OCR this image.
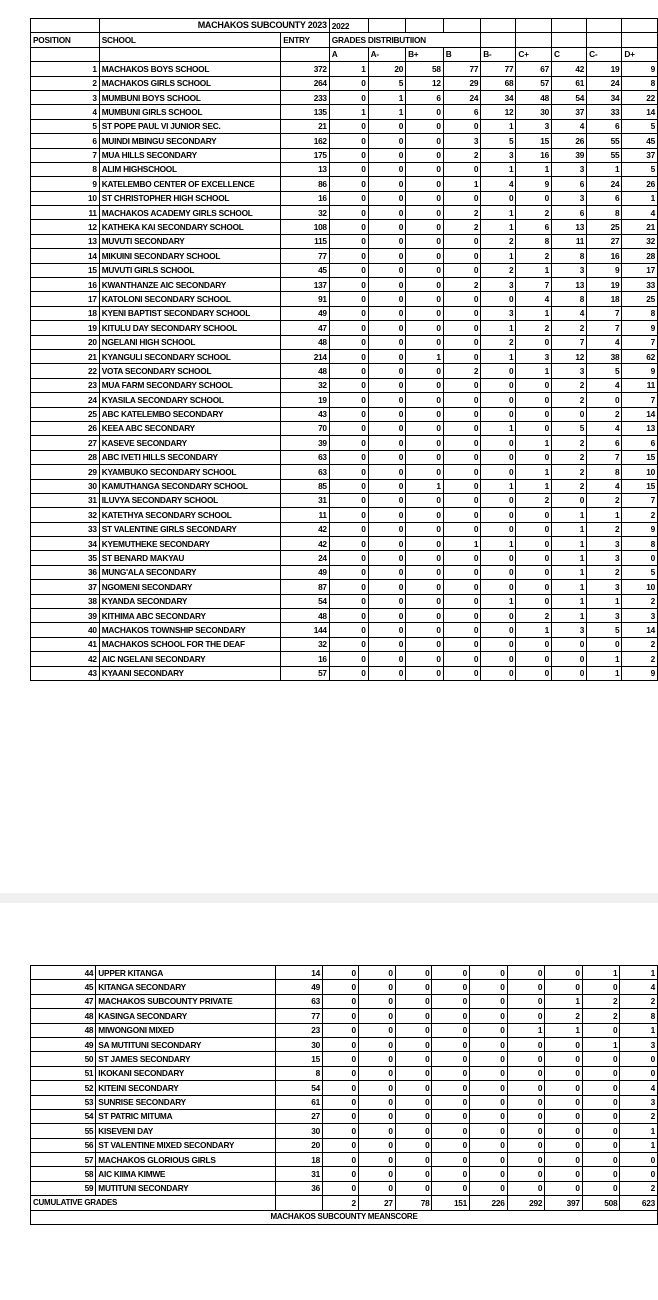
	MACHAKOS SUBCOUNTY 2023		2022								
POSITION	SCHOOL	ENTRY	GRADES DISTRIBUTIION								
			A	A-	B+	B	B-	C+	C	C-	D+
1	MACHAKOS BOYS SCHOOL	372	1	20	58	77	77	67	42	19	9
2	MACHAKOS GIRLS SCHOOL	264	0	5	12	29	68	57	61	24	8
3	MUMBUNI BOYS SCHOOL	233	0	1	6	24	34	48	54	34	22
4	MUMBUNI GIRLS SCHOOL	135	1	1	0	6	12	30	37	33	14
5	ST POPE PAUL VI JUNIOR SEC.	21	0	0	0	0	1	3	4	6	5
6	MUINDI MBINGU SECONDARY	162	0	0	0	3	5	15	26	55	45
7	MUA HILLS SECONDARY	175	0	0	0	2	3	16	39	55	37
8	ALIM HIGHSCHOOL	13	0	0	0	0	1	1	3	1	5
9	KATELEMBO CENTER OF EXCELLENCE	86	0	0	0	1	4	9	6	24	26
10	ST CHRISTOPHER HIGH SCHOOL	16	0	0	0	0	0	0	3	6	1
11	MACHAKOS ACADEMY GIRLS SCHOOL	32	0	0	0	2	1	2	6	8	4
12	KATHEKA KAI SECONDARY SCHOOL	108	0	0	0	2	1	6	13	25	21
13	MUVUTI SECONDARY	115	0	0	0	0	2	8	11	27	32
14	MIKUINI SECONDARY SCHOOL	77	0	0	0	0	1	2	8	16	28
15	MUVUTI GIRLS SCHOOL	45	0	0	0	0	2	1	3	9	17
16	KWANTHANZE AIC SECONDARY	137	0	0	0	2	3	7	13	19	33
17	KATOLONI SECONDARY SCHOOL	91	0	0	0	0	0	4	8	18	25
18	KYENI BAPTIST SECONDARY SCHOOL	49	0	0	0	0	3	1	4	7	8
19	KITULU DAY SECONDARY SCHOOL	47	0	0	0	0	1	2	2	7	9
20	NGELANI HIGH SCHOOL	48	0	0	0	0	2	0	7	4	7
21	KYANGULI SECONDARY SCHOOL	214	0	0	1	0	1	3	12	38	62
22	VOTA SECONDARY SCHOOL	48	0	0	0	2	0	1	3	5	9
23	MUA FARM SECONDARY SCHOOL	32	0	0	0	0	0	0	2	4	11
24	KYASILA SECONDARY SCHOOL	19	0	0	0	0	0	0	2	0	7
25	ABC KATELEMBO SECONDARY	43	0	0	0	0	0	0	0	2	14
26	KEEA ABC SECONDARY	70	0	0	0	0	1	0	5	4	13
27	KASEVE SECONDARY	39	0	0	0	0	0	1	2	6	6
28	ABC IVETI HILLS SECONDARY	63	0	0	0	0	0	0	2	7	15
29	KYAMBUKO SECONDARY SCHOOL	63	0	0	0	0	0	1	2	8	10
30	KAMUTHANGA SECONDARY SCHOOL	85	0	0	1	0	1	1	2	4	15
31	ILUVYA SECONDARY SCHOOL	31	0	0	0	0	0	2	0	2	7
32	KATETHYA SECONDARY SCHOOL	11	0	0	0	0	0	0	1	1	2
33	ST VALENTINE GIRLS SECONDARY	42	0	0	0	0	0	0	1	2	9
34	KYEMUTHEKE SECONDARY	42	0	0	0	1	1	0	1	3	8
35	ST BENARD MAKYAU	24	0	0	0	0	0	0	1	3	0
36	MUNG'ALA SECONDARY	49	0	0	0	0	0	0	1	2	5
37	NGOMENI SECONDARY	87	0	0	0	0	0	0	1	3	10
38	KYANDA SECONDARY	54	0	0	0	0	1	0	1	1	2
39	KITHIMA ABC SECONDARY	48	0	0	0	0	0	2	1	3	3
40	MACHAKOS TOWNSHIP SECONDARY	144	0	0	0	0	0	1	3	5	14
41	MACHAKOS SCHOOL FOR THE DEAF	32	0	0	0	0	0	0	0	0	2
42	AIC NGELANI SECONDARY	16	0	0	0	0	0	0	0	1	2
43	KYAANI SECONDARY	57	0	0	0	0	0	0	0	1	9
44	UPPER KITANGA	14	0	0	0	0	0	0	0	1	1
45	KITANGA SECONDARY	49	0	0	0	0	0	0	0	0	4
47	MACHAKOS SUBCOUNTY PRIVATE	63	0	0	0	0	0	0	1	2	2
48	KASINGA SECONDARY	77	0	0	0	0	0	0	2	2	8
48	MIWONGONI MIXED	23	0	0	0	0	0	1	1	0	1
49	SA MUTITUNI SECONDARY	30	0	0	0	0	0	0	0	1	3
50	ST JAMES SECONDARY	15	0	0	0	0	0	0	0	0	0
51	IKOKANI SECONDARY	8	0	0	0	0	0	0	0	0	0
52	KITEINI SECONDARY	54	0	0	0	0	0	0	0	0	4
53	SUNRISE SECONDARY	61	0	0	0	0	0	0	0	0	3
54	ST PATRIC MITUMA	27	0	0	0	0	0	0	0	0	2
55	KISEVENI DAY	30	0	0	0	0	0	0	0	0	1
56	ST VALENTINE MIXED SECONDARY	20	0	0	0	0	0	0	0	0	1
57	MACHAKOS GLORIOUS GIRLS	18	0	0	0	0	0	0	0	0	0
58	AIC KIIMA KIMWE	31	0	0	0	0	0	0	0	0	0
59	MUTITUNI SECONDARY	36	0	0	0	0	0	0	0	0	2
CUMULATIVE GRADES			2	27	78	151	226	292	397	508	623
MACHAKOS SUBCOUNTY MEANSCORE											
